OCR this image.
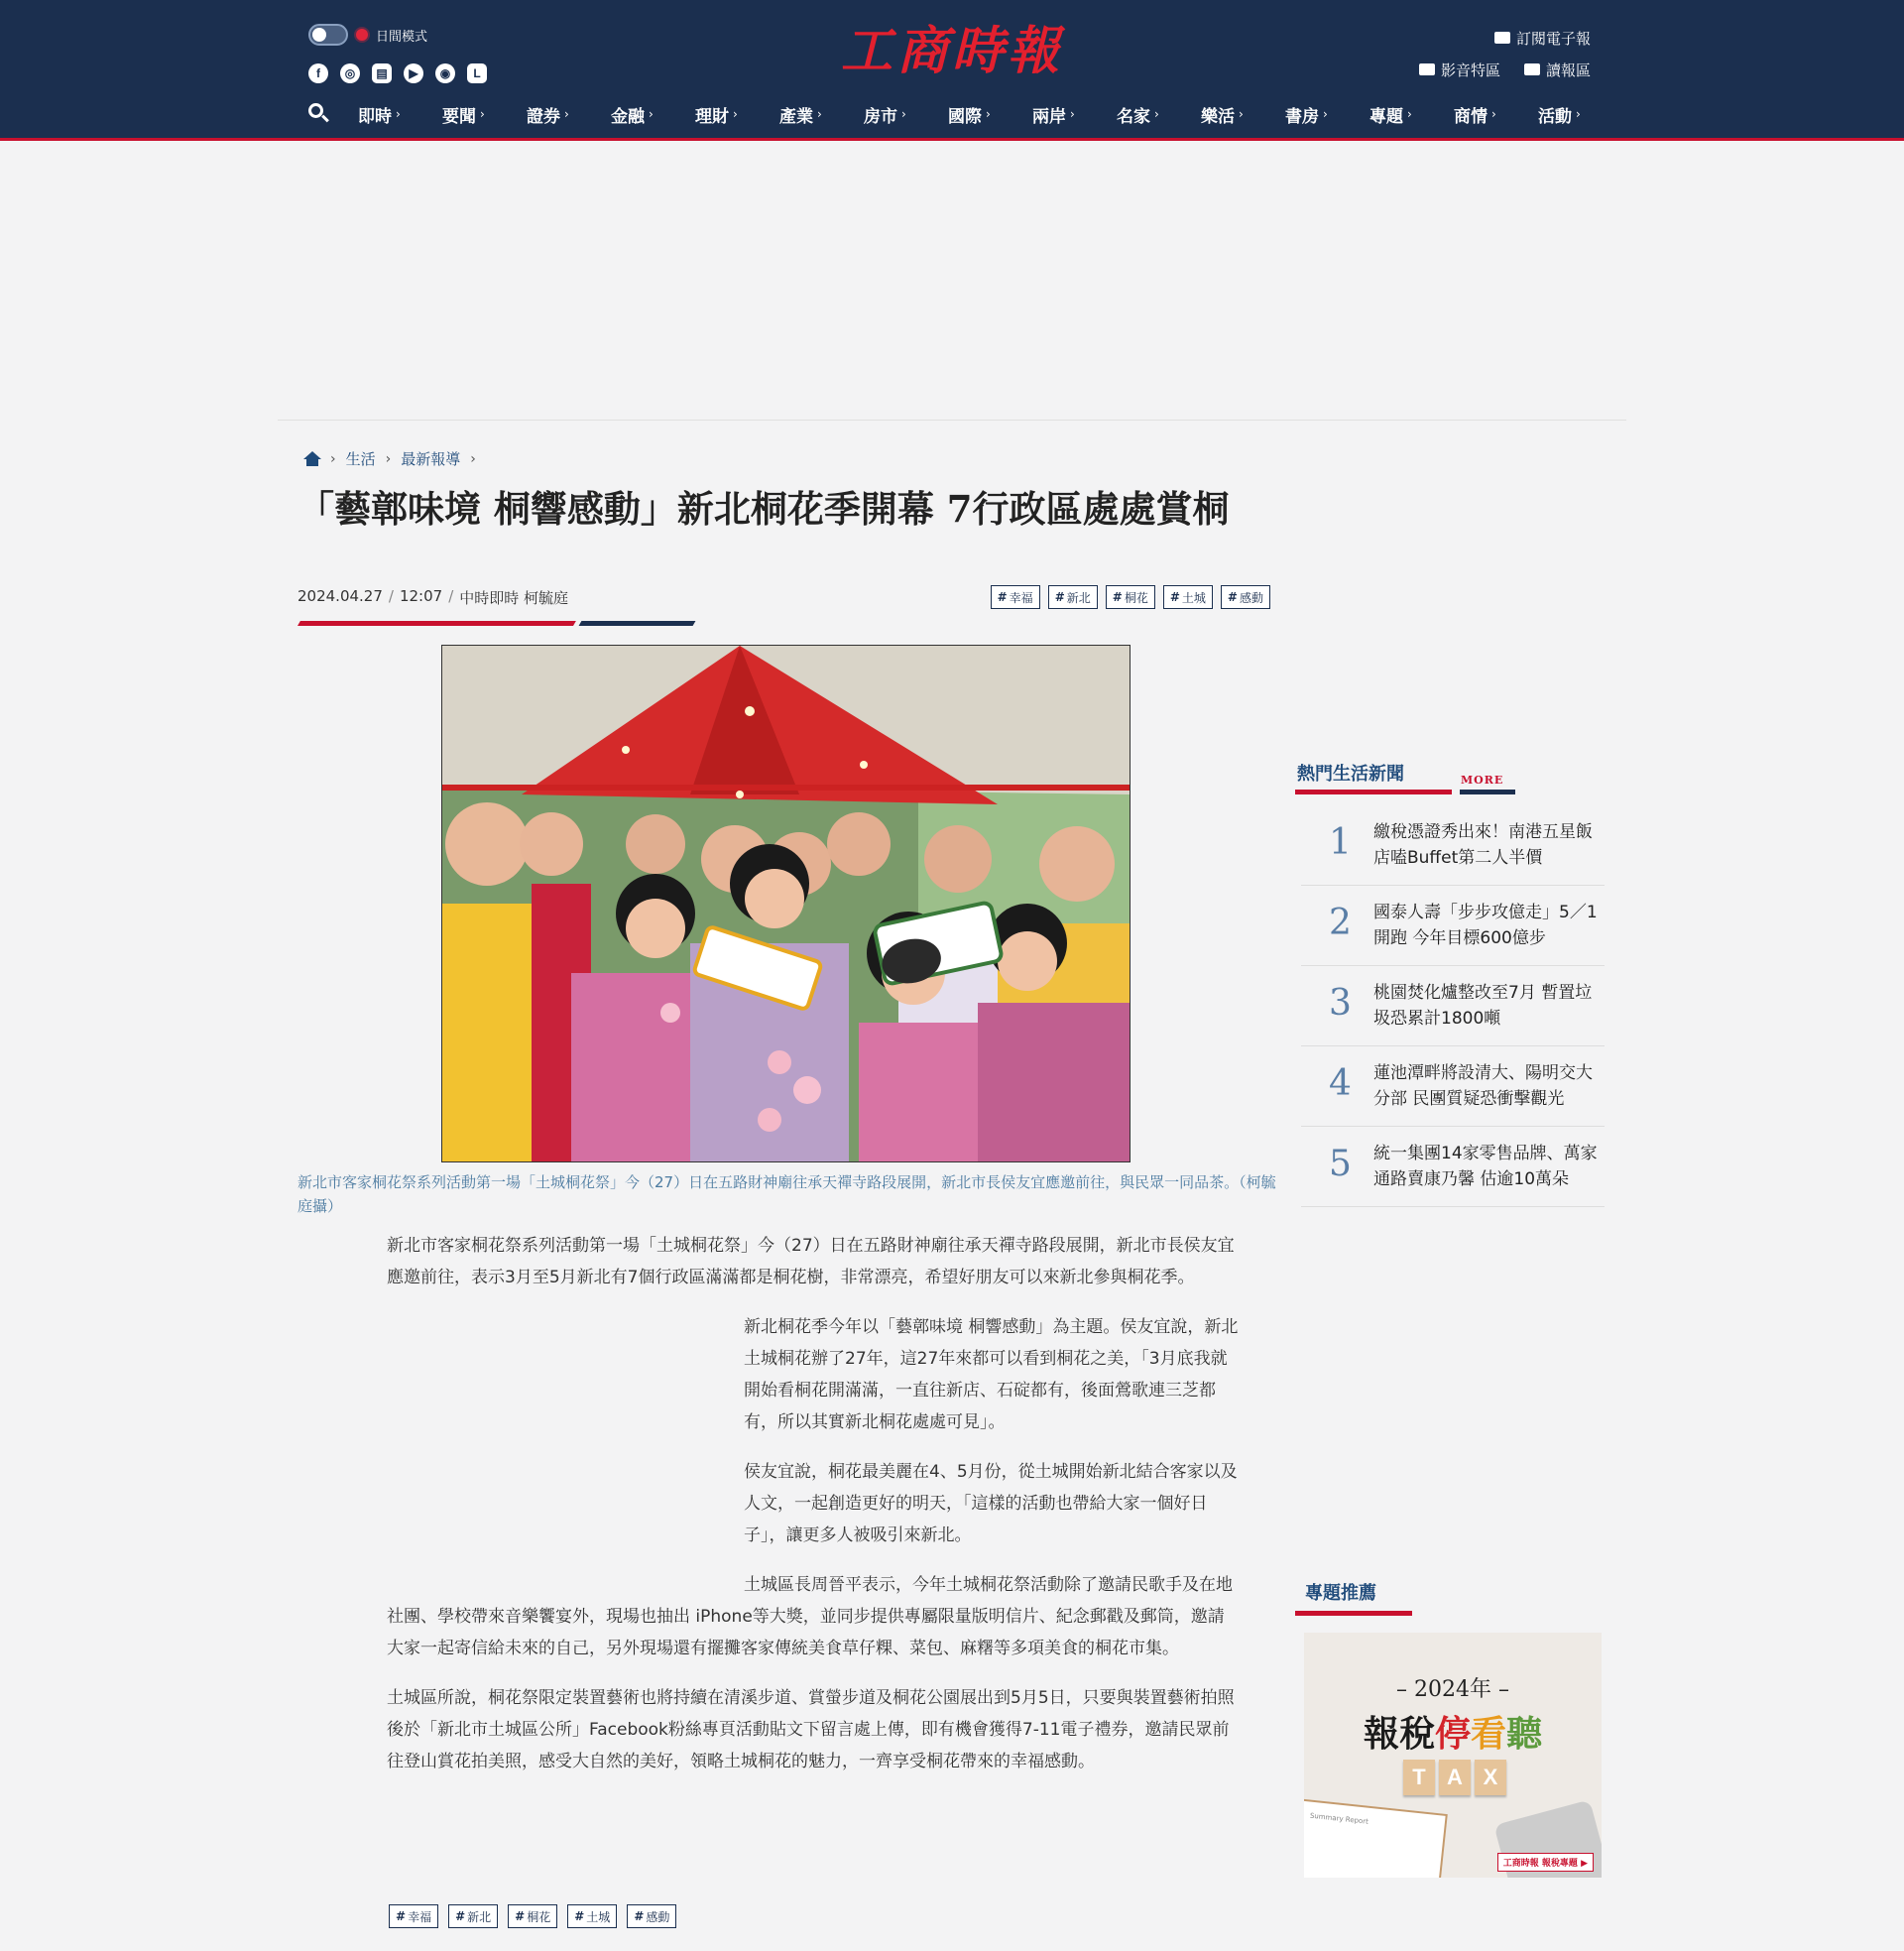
日間模式
f	◎	▤	▶	◉	L	工商時報	訂閱電子報
影音特區	讀報區
即時 › 要聞 › 證券 › 金融 › 理財 › 產業 › 房市 › 國際 › 兩岸 › 名家 › 樂活 › 書房 › 專題 › 商情 › 活動 ›
› 生活 › 最新報導 ›
「藝鄣味境 桐響感動」新北桐花季開幕 7行政區處處賞桐
2024.04.27 / 12:07 / 中時即時 柯毓庭	# 幸福 # 新北 # 桐花 # 土城 # 感動

新北市客家桐花祭系列活動第一場「土城桐花祭」今（27）日在五路財神廟往承天禪寺路段展開，新北市長侯友宜應邀前往，與民眾一同品茶。（柯毓庭攝）

新北市客家桐花祭系列活動第一場「土城桐花祭」今（27）日在五路財神廟往承天禪寺路段展開，新北市長侯友宜應邀前往，表示3月至5月新北有7個行政區滿滿都是桐花樹，非常漂亮，希望好朋友可以來新北參與桐花季。

新北桐花季今年以「藝鄣味境 桐響感動」為主題。侯友宜說，新北土城桐花辦了27年，這27年來都可以看到桐花之美，「3月底我就開始看桐花開滿滿，一直往新店、石碇都有，後面鶯歌連三芝都有，所以其實新北桐花處處可見」。

侯友宜說，桐花最美麗在4、5月份，從土城開始新北結合客家以及人文，一起創造更好的明天，「這樣的活動也帶給大家一個好日子」，讓更多人被吸引來新北。

土城區長周晉平表示，今年土城桐花祭活動除了邀請民歌手及在地社團、學校帶來音樂饗宴外，現場也抽出 iPhone等大獎，並同步提供專屬限量版明信片、紀念郵戳及郵筒，邀請大家一起寄信給未來的自己，另外現場還有擺攤客家傳統美食草仔粿、菜包、麻糬等多項美食的桐花市集。

土城區所說，桐花祭限定裝置藝術也將持續在清溪步道、賞螢步道及桐花公園展出到5月5日，只要與裝置藝術拍照後於「新北市土城區公所」Facebook粉絲專頁活動貼文下留言處上傳，即有機會獲得7-11電子禮券，邀請民眾前往登山賞花拍美照，感受大自然的美好，領略土城桐花的魅力，一齊享受桐花帶來的幸福感動。

# 幸福 # 新北 # 桐花 # 土城 # 感動
熱門生活新聞	MORE
1	繳稅憑證秀出來！南港五星飯店嗑Buffet第二人半價
2	國泰人壽「步步攻億走」5／1開跑 今年目標600億步
3	桃園焚化爐整改至7月 暫置垃圾恐累計1800噸
4	蓮池潭畔將設清大、陽明交大分部 民團質疑恐衝擊觀光
5	統一集團14家零售品牌、萬家通路賣康乃馨 估逾10萬朵
專題推薦
– 2024年 –
報稅停看聽
T A X
Summary Report
工商時報 報稅專題 ▶
